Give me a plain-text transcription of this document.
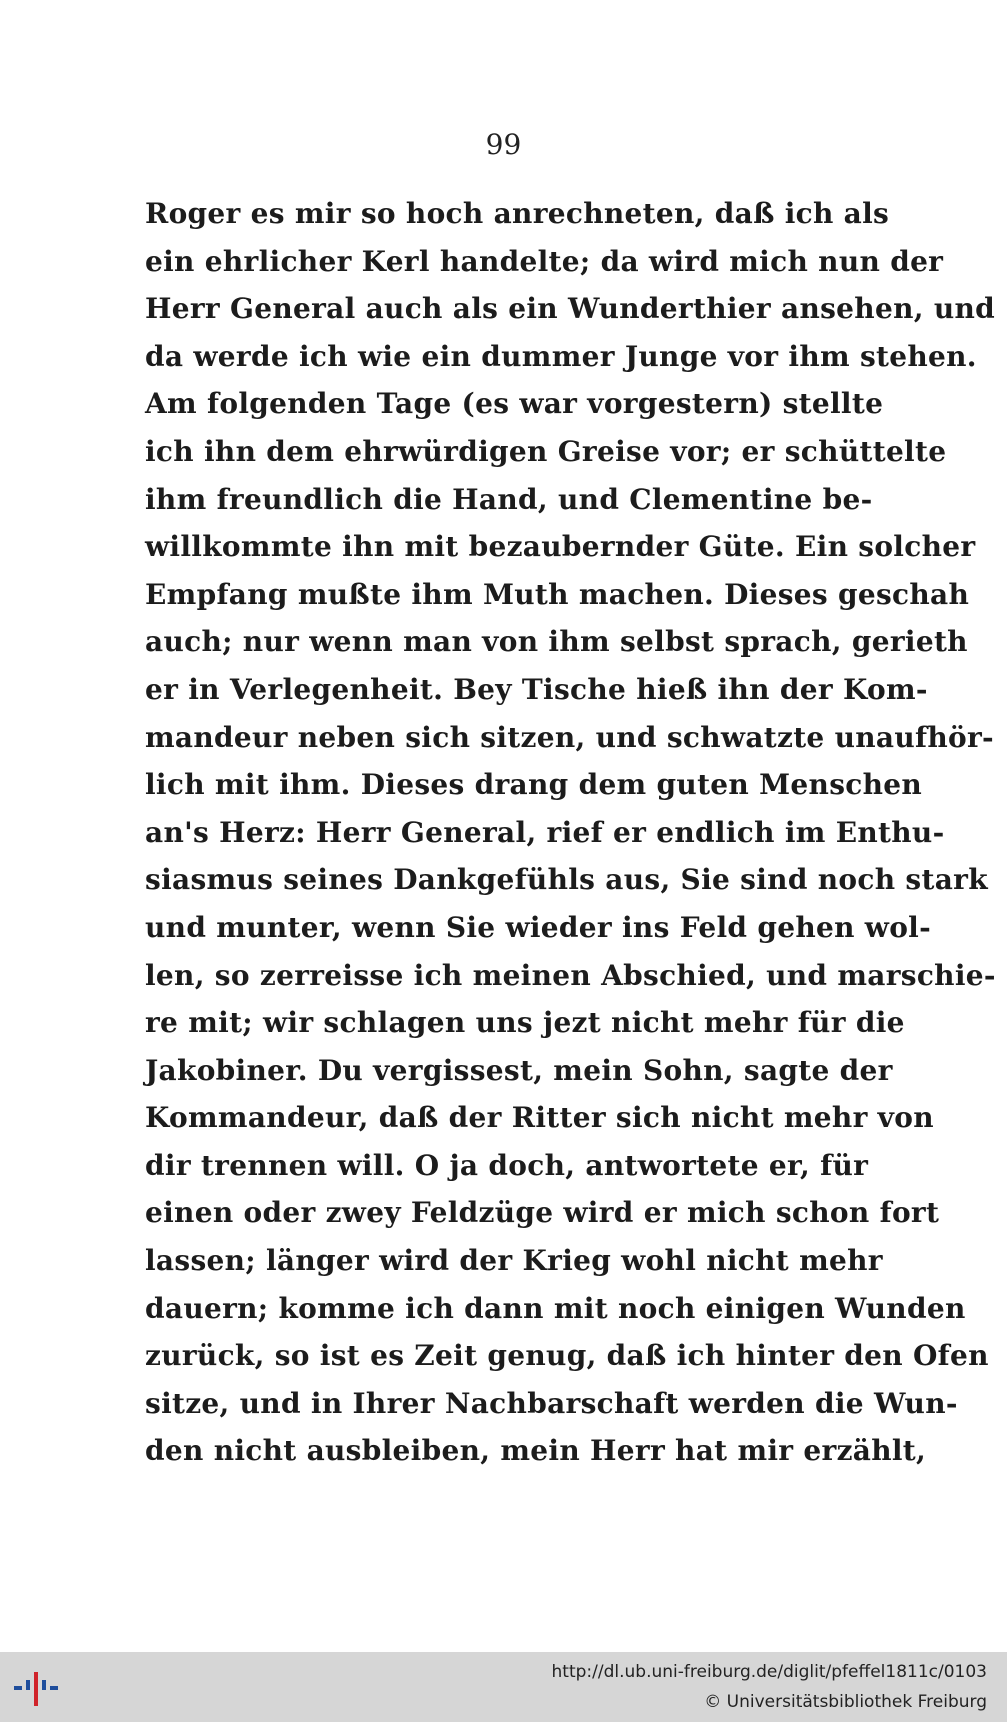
99
Roger es mir so hoch anrechneten, daß ich als
ein ehrlicher Kerl handelte; da wird mich nun der
Herr General auch als ein Wunderthier ansehen, und
da werde ich wie ein dummer Junge vor ihm stehen.
Am folgenden Tage (es war vorgestern) stellte
ich ihn dem ehrwürdigen Greise vor; er schüttelte
ihm freundlich die Hand, und Clementine be-
willkommte ihn mit bezaubernder Güte. Ein solcher
Empfang mußte ihm Muth machen. Dieses geschah
auch; nur wenn man von ihm selbst sprach, gerieth
er in Verlegenheit. Bey Tische hieß ihn der Kom-
mandeur neben sich sitzen, und schwatzte unaufhör-
lich mit ihm. Dieses drang dem guten Menschen
an's Herz: Herr General, rief er endlich im Enthu-
siasmus seines Dankgefühls aus, Sie sind noch stark
und munter, wenn Sie wieder ins Feld gehen wol-
len, so zerreisse ich meinen Abschied, und marschie-
re mit; wir schlagen uns jezt nicht mehr für die
Jakobiner. Du vergissest, mein Sohn, sagte der
Kommandeur, daß der Ritter sich nicht mehr von
dir trennen will. O ja doch, antwortete er, für
einen oder zwey Feldzüge wird er mich schon fort
lassen; länger wird der Krieg wohl nicht mehr
dauern; komme ich dann mit noch einigen Wunden
zurück, so ist es Zeit genug, daß ich hinter den Ofen
sitze, und in Ihrer Nachbarschaft werden die Wun-
den nicht ausbleiben, mein Herr hat mir erzählt,
http://dl.ub.uni-freiburg.de/diglit/pfeffel1811c/0103
© Universitätsbibliothek Freiburg
